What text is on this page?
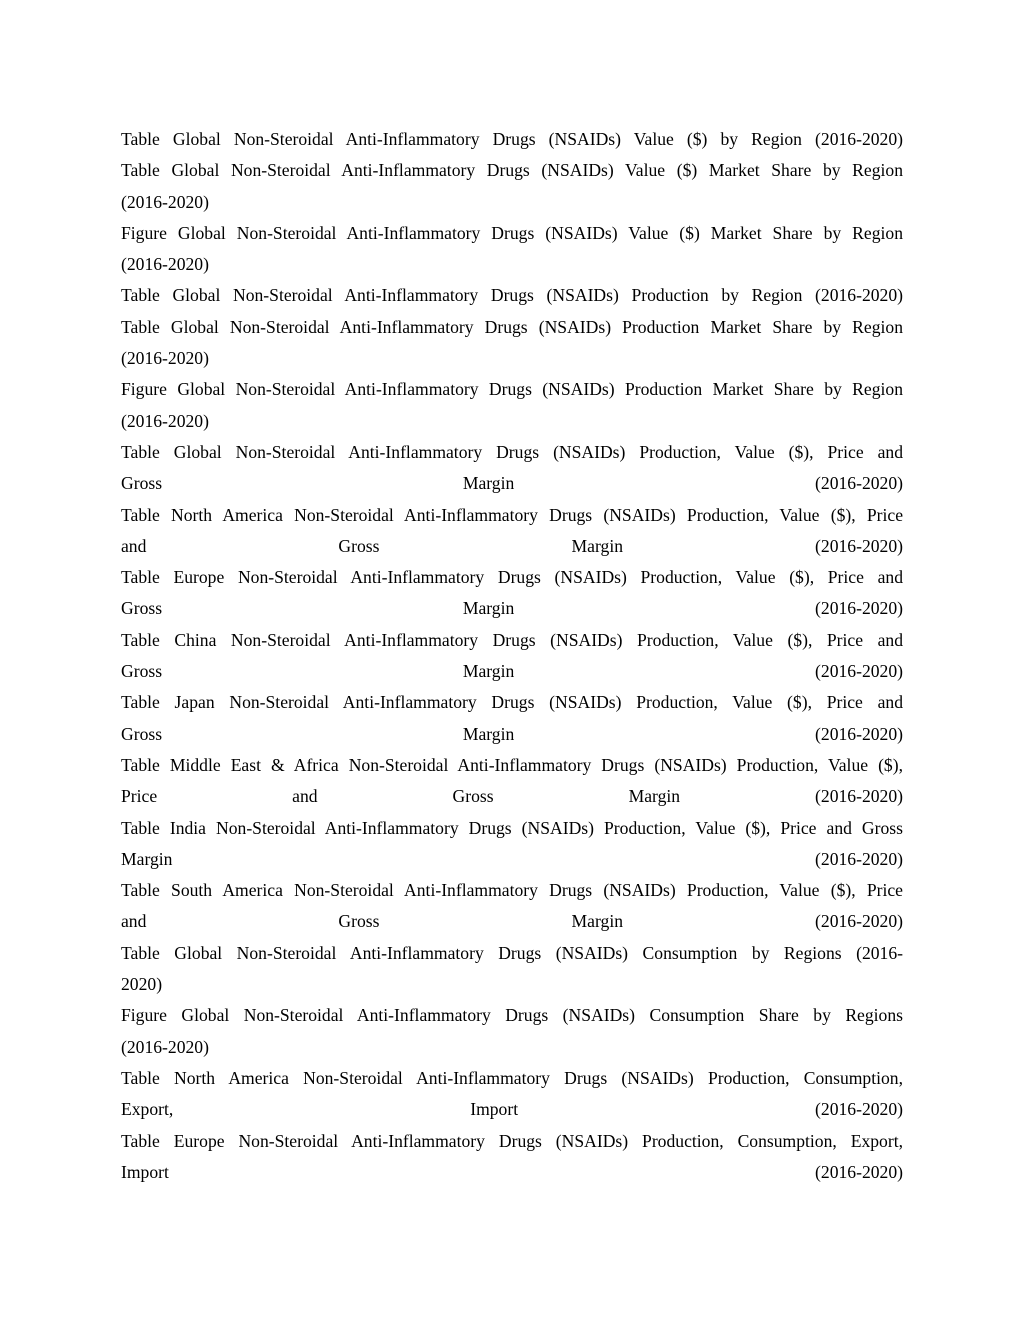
Table Global Non-Steroidal Anti-Inflammatory Drugs (NSAIDs) Value ($) by Region (2016-2020)
Table Global Non-Steroidal Anti-Inflammatory Drugs (NSAIDs) Value ($) Market Share by Region
(2016-2020)
Figure Global Non-Steroidal Anti-Inflammatory Drugs (NSAIDs) Value ($) Market Share by Region
(2016-2020)
Table Global Non-Steroidal Anti-Inflammatory Drugs (NSAIDs) Production by Region (2016-2020)
Table Global Non-Steroidal Anti-Inflammatory Drugs (NSAIDs) Production Market Share by Region
(2016-2020)
Figure Global Non-Steroidal Anti-Inflammatory Drugs (NSAIDs) Production Market Share by Region
(2016-2020)
Table Global Non-Steroidal Anti-Inflammatory Drugs (NSAIDs) Production, Value ($), Price and
Gross Margin (2016-2020)
Table North America Non-Steroidal Anti-Inflammatory Drugs (NSAIDs) Production, Value ($), Price
and Gross Margin (2016-2020)
Table Europe Non-Steroidal Anti-Inflammatory Drugs (NSAIDs) Production, Value ($), Price and
Gross Margin (2016-2020)
Table China Non-Steroidal Anti-Inflammatory Drugs (NSAIDs) Production, Value ($), Price and
Gross Margin (2016-2020)
Table Japan Non-Steroidal Anti-Inflammatory Drugs (NSAIDs) Production, Value ($), Price and
Gross Margin (2016-2020)
Table Middle East & Africa Non-Steroidal Anti-Inflammatory Drugs (NSAIDs) Production, Value ($),
Price and Gross Margin (2016-2020)
Table India Non-Steroidal Anti-Inflammatory Drugs (NSAIDs) Production, Value ($), Price and Gross
Margin (2016-2020)
Table South America Non-Steroidal Anti-Inflammatory Drugs (NSAIDs) Production, Value ($), Price
and Gross Margin (2016-2020)
Table Global Non-Steroidal Anti-Inflammatory Drugs (NSAIDs) Consumption by Regions (2016-
2020)
Figure Global Non-Steroidal Anti-Inflammatory Drugs (NSAIDs) Consumption Share by Regions
(2016-2020)
Table North America Non-Steroidal Anti-Inflammatory Drugs (NSAIDs) Production, Consumption,
Export, Import (2016-2020)
Table Europe Non-Steroidal Anti-Inflammatory Drugs (NSAIDs) Production, Consumption, Export,
Import (2016-2020)
